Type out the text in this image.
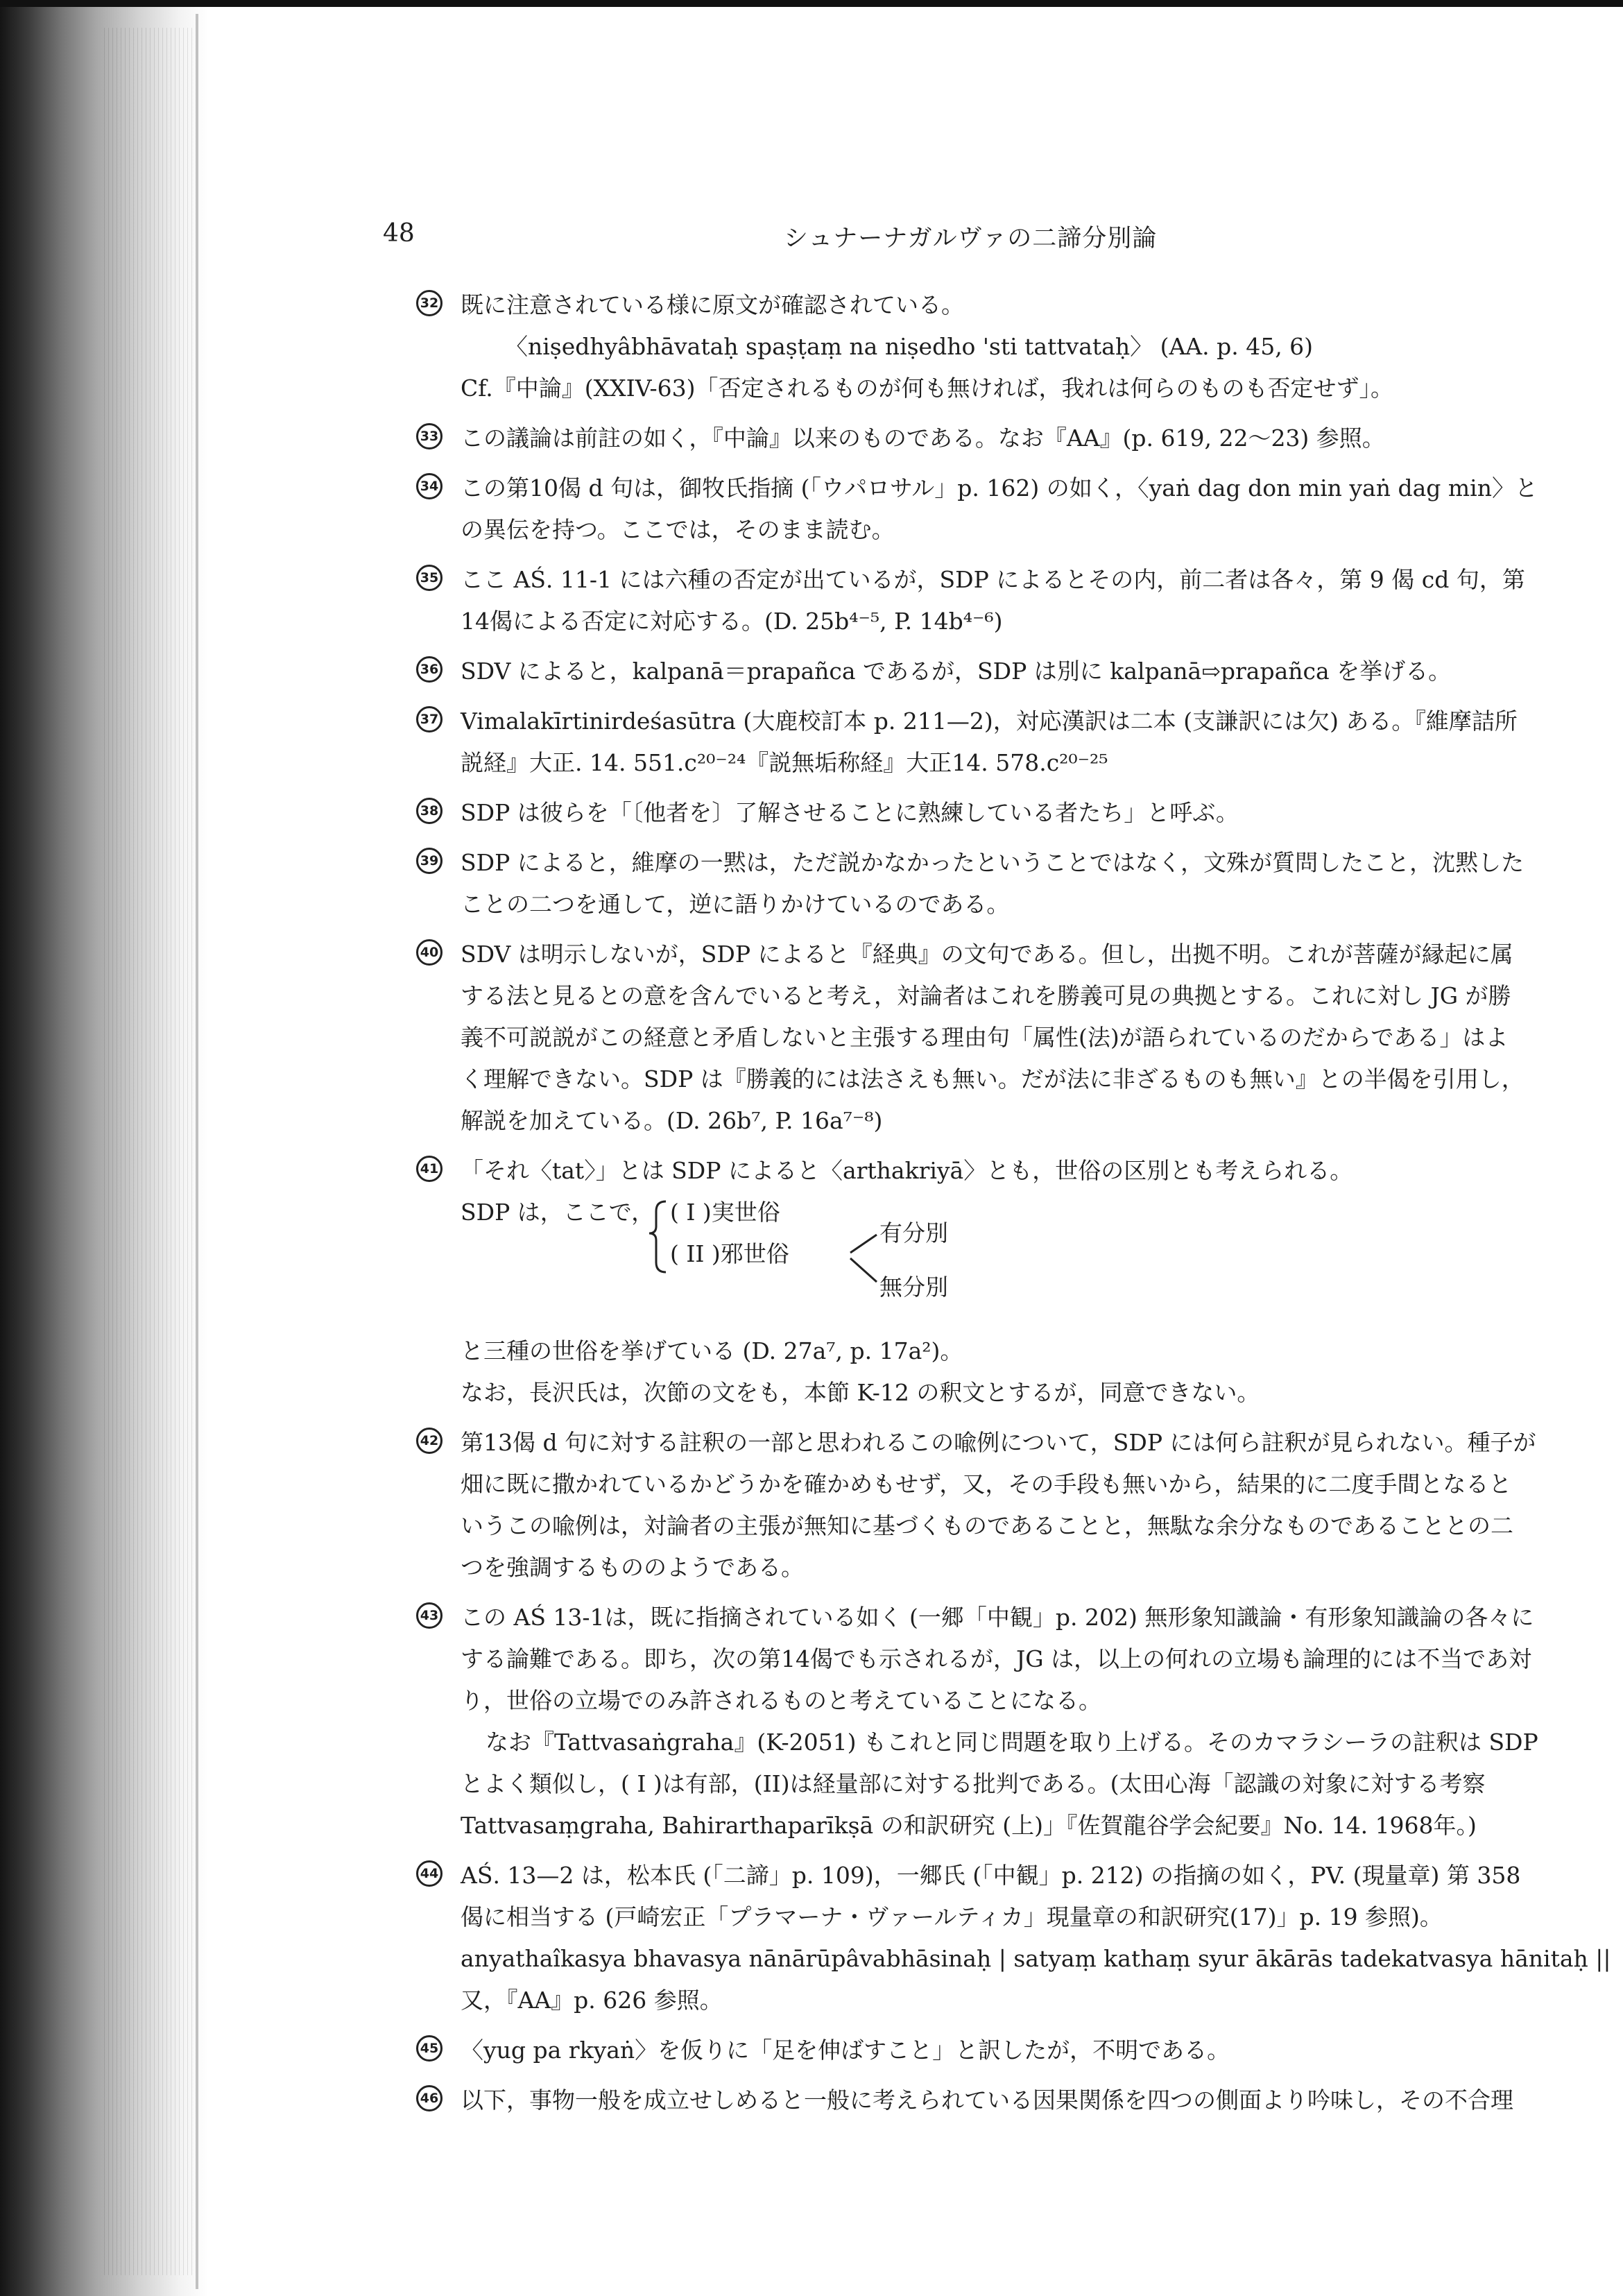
48	シュナーナガルヴァの二諦分別論
32 既に注意されている様に原文が確認されている。
〈niṣedhyâbhāvataḥ spaṣṭaṃ na niṣedho 'sti tattvataḥ〉 (AA. p. 45, 6)
Cf.『中論』(XXIV-63)「否定されるものが何も無ければ，我れは何らのものも否定せず」。
33 この議論は前註の如く，『中論』以来のものである。なお『AA』(p. 619, 22〜23) 参照。
34 この第10偈 d 句は，御牧氏指摘 (「ウパロサル」p. 162) の如く，〈yaṅ dag don min yaṅ dag min〉と
の異伝を持つ。ここでは，そのまま読む。
35 ここ AŚ. 11-1 には六種の否定が出ているが，SDP によるとその内，前二者は各々，第 9 偈 cd 句，第
14偈による否定に対応する。(D. 25b⁴⁻⁵, P. 14b⁴⁻⁶)
36 SDV によると，kalpanā＝prapañca であるが，SDP は別に kalpanā⇨prapañca を挙げる。
37 Vimalakīrtinirdeśasūtra (大鹿校訂本 p. 211—2)，対応漢訳は二本 (支謙訳には欠) ある。『維摩詰所
説経』大正. 14. 551.c²⁰⁻²⁴『説無垢称経』大正14. 578.c²⁰⁻²⁵
38 SDP は彼らを「〔他者を〕了解させることに熟練している者たち」と呼ぶ。
39 SDP によると，維摩の一黙は，ただ説かなかったということではなく，文殊が質問したこと，沈黙した
ことの二つを通して，逆に語りかけているのである。
40 SDV は明示しないが，SDP によると『経典』の文句である。但し，出拠不明。これが菩薩が縁起に属
する法と見るとの意を含んでいると考え，対論者はこれを勝義可見の典拠とする。これに対し JG が勝
義不可説説がこの経意と矛盾しないと主張する理由句「属性(法)が語られているのだからである」はよ
く理解できない。SDP は『勝義的には法さえも無い。だが法に非ざるものも無い』との半偈を引用し，
解説を加えている。(D. 26b⁷, P. 16a⁷⁻⁸)
41 「それ〈tat〉」とは SDP によると〈arthakriyā〉とも，世俗の区別とも考えられる。
SDP は，ここで， ( I )実世俗
( II )邪世俗
有分別
無分別
と三種の世俗を挙げている (D. 27a⁷, p. 17a²)。
なお，長沢氏は，次節の文をも，本節 K-12 の釈文とするが，同意できない。
42 第13偈 d 句に対する註釈の一部と思われるこの喩例について，SDP には何ら註釈が見られない。種子が
畑に既に撒かれているかどうかを確かめもせず，又，その手段も無いから，結果的に二度手間となると
いうこの喩例は，対論者の主張が無知に基づくものであることと，無駄な余分なものであることとの二
つを強調するもののようである。
43 この AŚ 13-1は，既に指摘されている如く (一郷「中観」p. 202) 無形象知識論・有形象知識論の各々に
する論難である。即ち，次の第14偈でも示されるが，JG は，以上の何れの立場も論理的には不当であ対
り，世俗の立場でのみ許されるものと考えていることになる。
なお『Tattvasaṅgraha』(K-2051) もこれと同じ問題を取り上げる。そのカマラシーラの註釈は SDP
とよく類似し，( I )は有部，(II)は経量部に対する批判である。(太田心海「認識の対象に対する考察
Tattvasaṃgraha, Bahirarthaparīkṣā の和訳研究 (上)」『佐賀龍谷学会紀要』No. 14. 1968年。)
44 AŚ. 13—2 は，松本氏 (「二諦」p. 109)，一郷氏 (「中観」p. 212) の指摘の如く，PV. (現量章) 第 358
偈に相当する (戸崎宏正「プラマーナ・ヴァールティカ」現量章の和訳研究(17)」p. 19 参照)。
anyathaîkasya bhavasya nānārūpâvabhāsinaḥ | satyaṃ kathaṃ syur ākārās tadekatvasya hānitaḥ ||
又，『AA』p. 626 参照。
45 〈yug pa rkyaṅ〉を仮りに「足を伸ばすこと」と訳したが，不明である。
46 以下，事物一般を成立せしめると一般に考えられている因果関係を四つの側面より吟味し，その不合理
